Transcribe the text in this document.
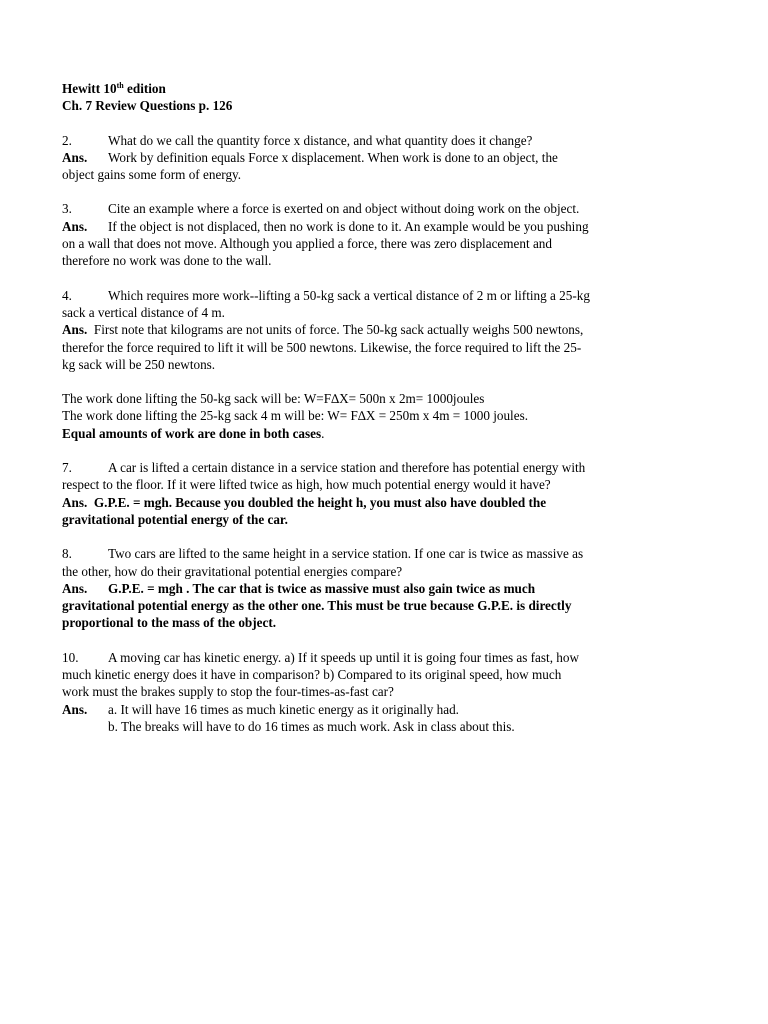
Hewitt 10th edition
Ch. 7 Review Questions p. 126
2.	What do we call the quantity force x distance, and what quantity does it change?
Ans. Work by definition equals Force x displacement. When work is done to an object, the
object gains some form of energy.
3.	Cite an example where a force is exerted on and object without doing work on the object.
Ans. If the object is not displaced, then no work is done to it. An example would be you pushing
on a wall that does not move. Although you applied a force, there was zero displacement and
therefore no work was done to the wall.
4.	Which requires more work--lifting a 50-kg sack a vertical distance of 2 m or lifting a 25-kg
sack a vertical distance of 4 m.
Ans. First note that kilograms are not units of force. The 50-kg sack actually weighs 500 newtons,
therefor the force required to lift it will be 500 newtons. Likewise, the force required to lift the 25-
kg sack will be 250 newtons.
The work done lifting the 50-kg sack will be: W=F∆X= 500n x 2m= 1000joules
The work done lifting the 25-kg sack 4 m will be: W= F∆X = 250m x 4m = 1000 joules.
Equal amounts of work are done in both cases.
7.	A car is lifted a certain distance in a service station and therefore has potential energy with
respect to the floor. If it were lifted twice as high, how much potential energy would it have?
Ans. G.P.E. = mgh. Because you doubled the height h, you must also have doubled the
gravitational potential energy of the car.
8.	Two cars are lifted to the same height in a service station. If one car is twice as massive as
the other, how do their gravitational potential energies compare?
Ans. G.P.E. = mgh . The car that is twice as massive must also gain twice as much
gravitational potential energy as the other one. This must be true because G.P.E. is directly
proportional to the mass of the object.
10. A moving car has kinetic energy. a) If it speeds up until it is going four times as fast, how
much kinetic energy does it have in comparison? b) Compared to its original speed, how much
work must the brakes supply to stop the four-times-as-fast car?
Ans. a. It will have 16 times as much kinetic energy as it originally had.
b. The breaks will have to do 16 times as much work. Ask in class about this.
